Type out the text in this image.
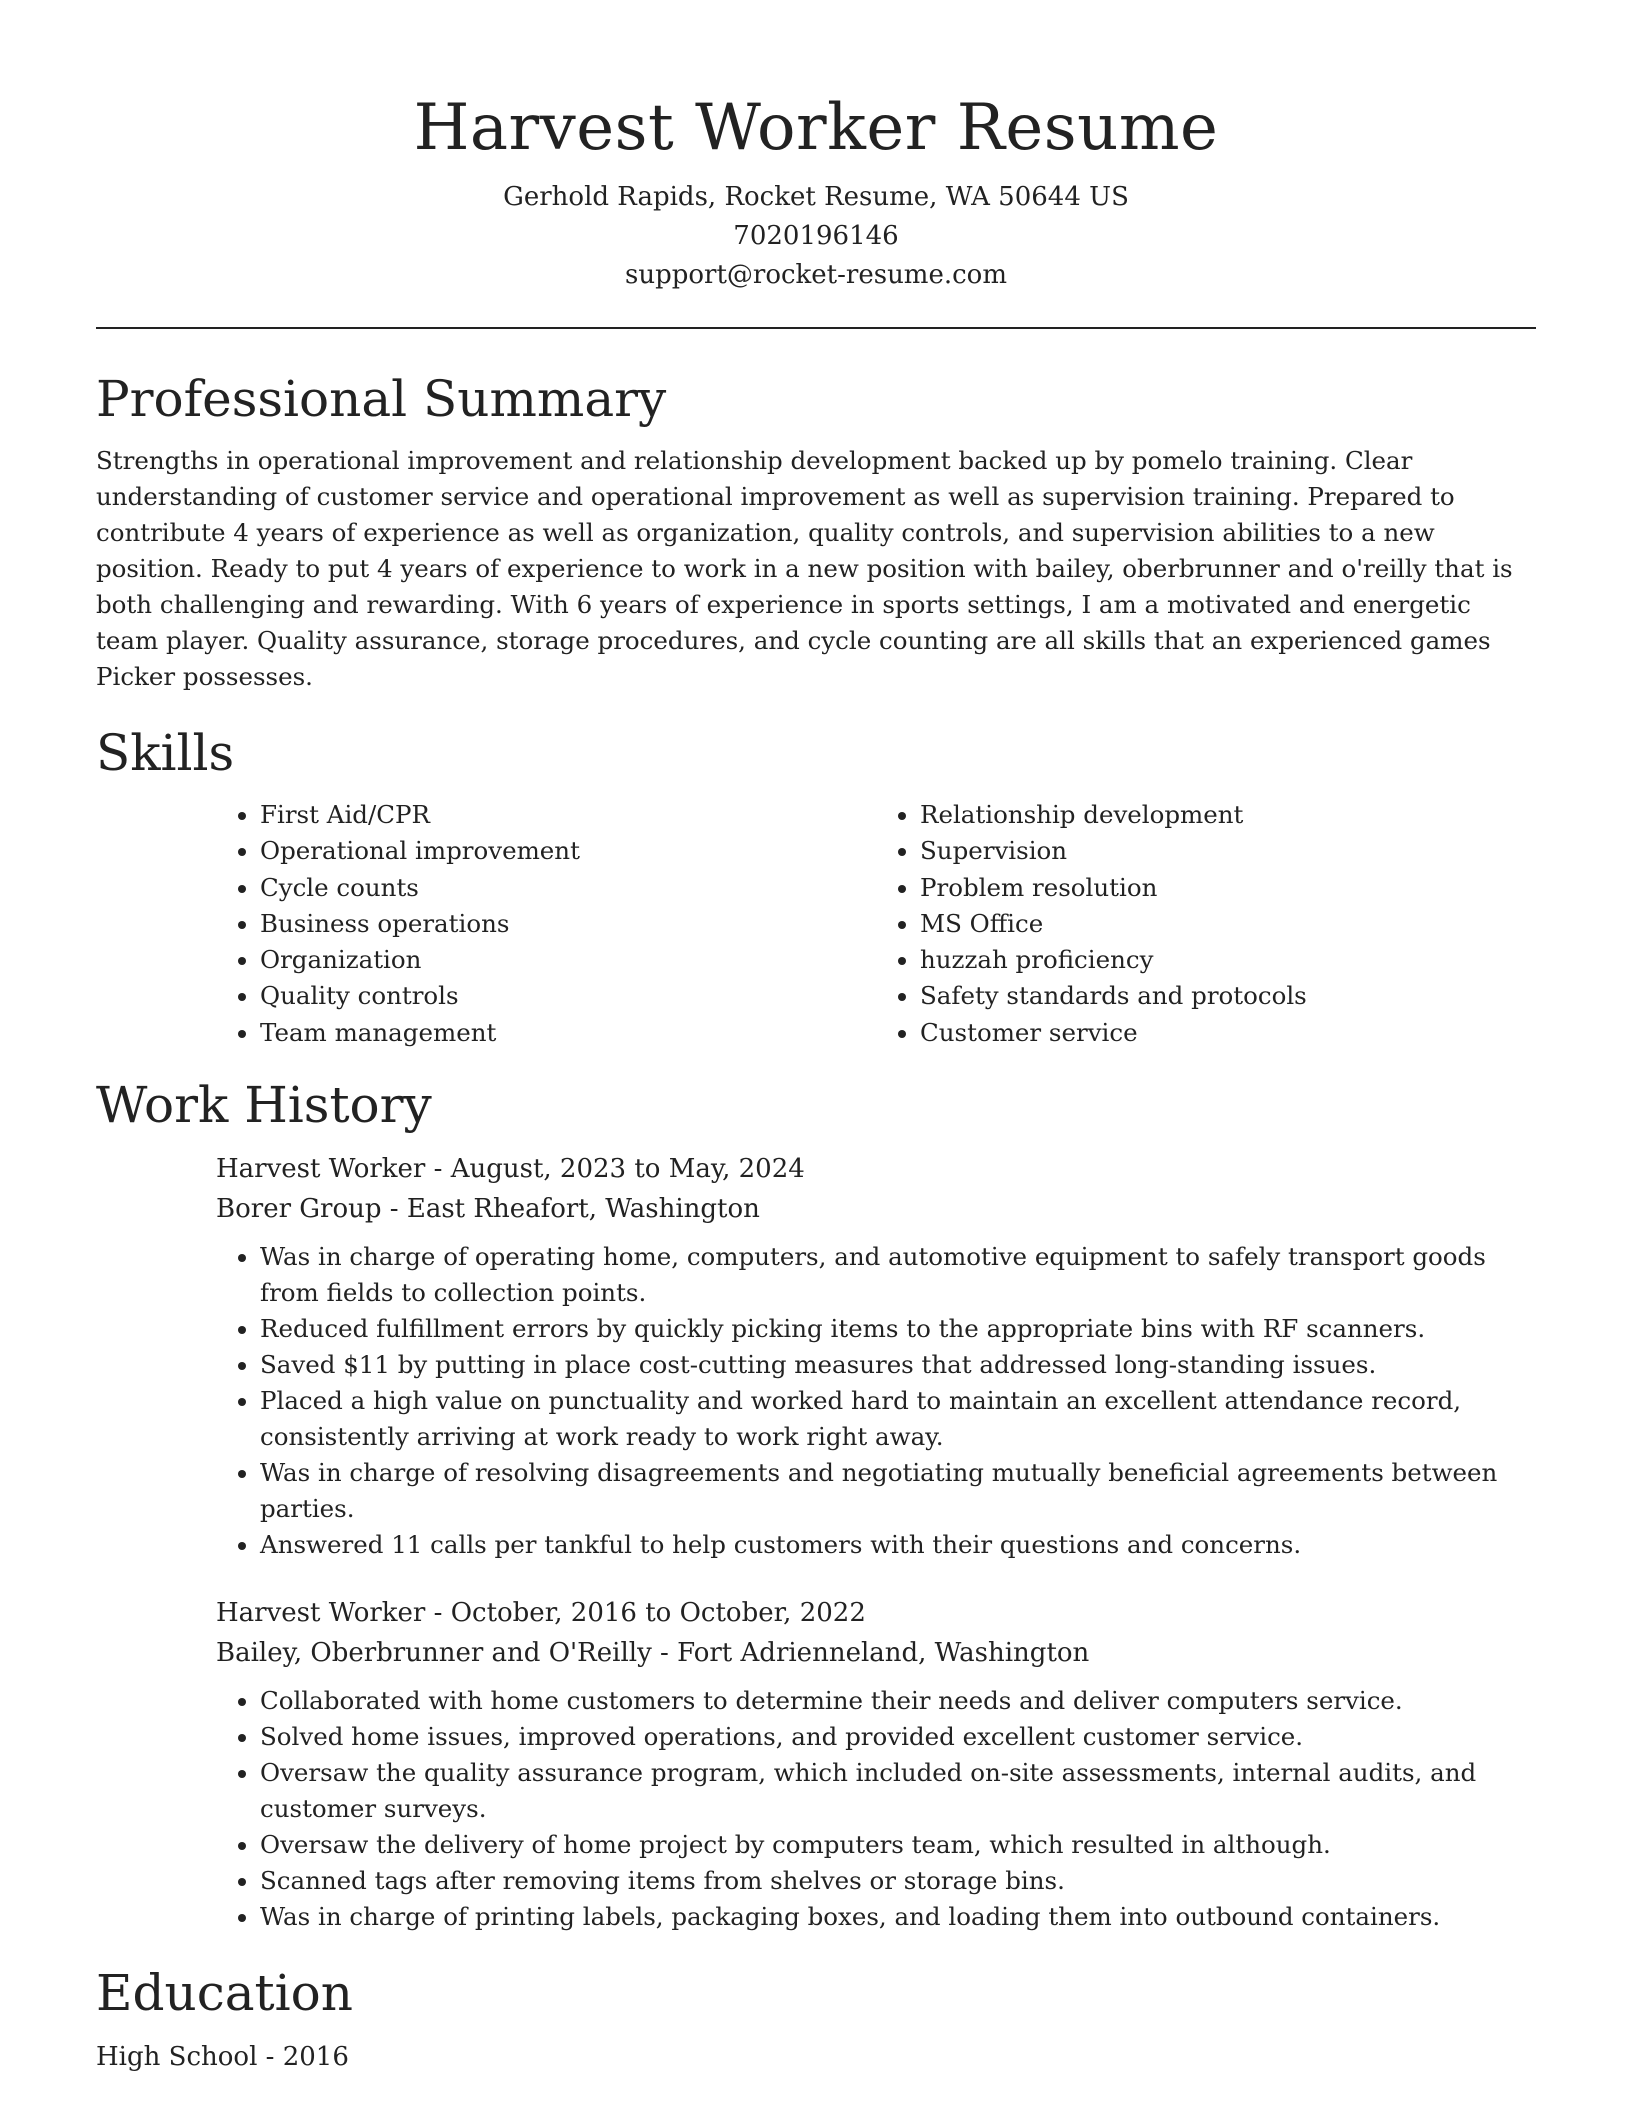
Harvest Worker Resume

Gerhold Rapids, Rocket Resume, WA 50644 US

7020196146

support@rocket-resume.com

Professional Summary

Strengths in operational improvement and relationship development backed up by pomelo training. Clear understanding of customer service and operational improvement as well as supervision training. Prepared to contribute 4 years of experience as well as organization, quality controls, and supervision abilities to a new position. Ready to put 4 years of experience to work in a new position with bailey, oberbrunner and o'reilly that is both challenging and rewarding. With 6 years of experience in sports settings, I am a motivated and energetic team player. Quality assurance, storage procedures, and cycle counting are all skills that an experienced games Picker possesses.

Skills
• First Aid/CPR
• Operational improvement
• Cycle counts
• Business operations
• Organization
• Quality controls
• Team management
• Relationship development
• Supervision
• Problem resolution
• MS Office
• huzzah proficiency
• Safety standards and protocols
• Customer service
Work History

Harvest Worker - August, 2023 to May, 2024

Borer Group - East Rheafort, Washington

• Was in charge of operating home, computers, and automotive equipment to safely transport goods from fields to collection points.
• Reduced fulfillment errors by quickly picking items to the appropriate bins with RF scanners.
• Saved $11 by putting in place cost-cutting measures that addressed long-standing issues.
• Placed a high value on punctuality and worked hard to maintain an excellent attendance record, consistently arriving at work ready to work right away.
• Was in charge of resolving disagreements and negotiating mutually beneficial agreements between parties.
• Answered 11 calls per tankful to help customers with their questions and concerns.

Harvest Worker - October, 2016 to October, 2022

Bailey, Oberbrunner and O'Reilly - Fort Adrienneland, Washington

• Collaborated with home customers to determine their needs and deliver computers service.
• Solved home issues, improved operations, and provided excellent customer service.
• Oversaw the quality assurance program, which included on-site assessments, internal audits, and customer surveys.
• Oversaw the delivery of home project by computers team, which resulted in although.
• Scanned tags after removing items from shelves or storage bins.
• Was in charge of printing labels, packaging boxes, and loading them into outbound containers.
Education

High School - 2016
